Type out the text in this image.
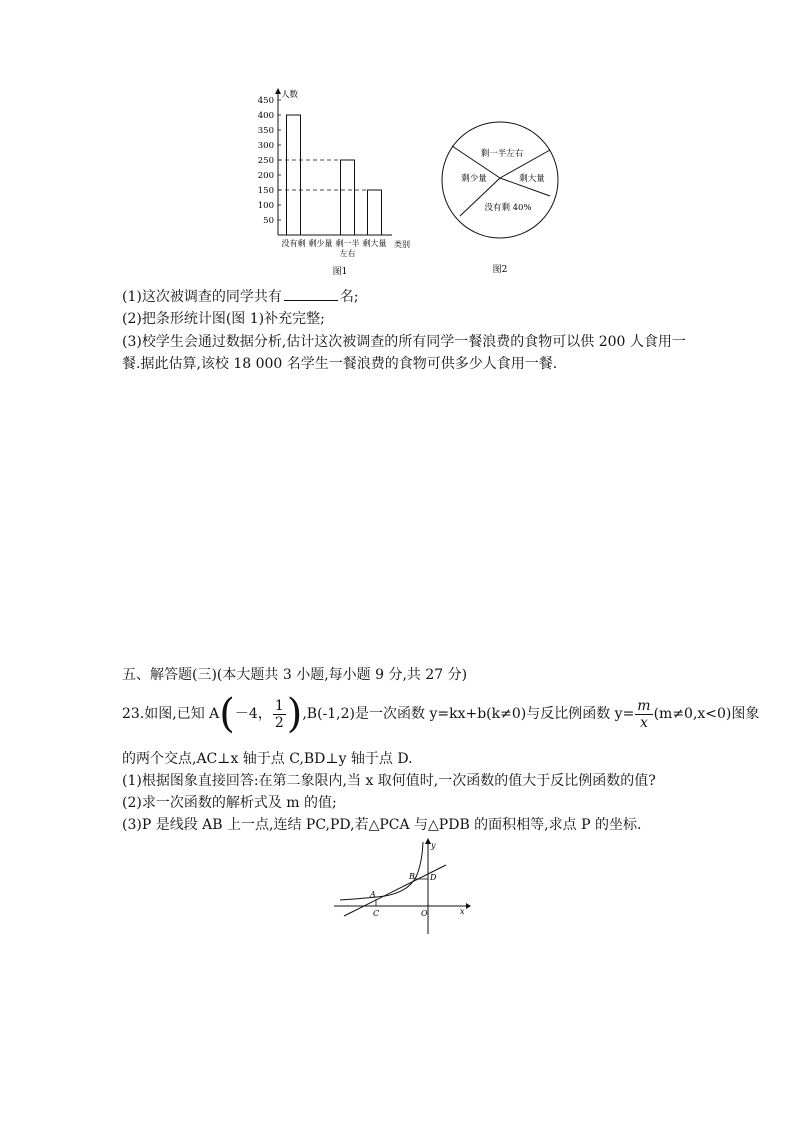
人数
类别
50
100
150
200
250
300
350
400
450
没有剩 剩少量 剩一半
左右
剩大量
图1
剩一半左右
剩少量	剩大量
没有剩 40%
图2
(1)这次被调查的同学共有	名;
(2)把条形统计图(图 1)补充完整;
(3)校学生会通过数据分析,估计这次被调查的所有同学一餐浪费的食物可以供 200 人食用一
餐.据此估算,该校 18 000 名学生一餐浪费的食物可供多少人食用一餐.
五、解答题(三)(本大题共 3 小题,每小题 9 分,共 27 分)
23.如图,已知 A ( －4， $\frac{1}{2}$ ) ,B(-1,2)是一次函数 y=kx+b(k≠0)与反比例函数 $y= \frac{m}{x} (m\ne 0,x<0)$图象
的两个交点,AC⊥x 轴于点 C,BD⊥y 轴于点 D.
(1)根据图象直接回答:在第二象限内,当 x 取何值时,一次函数的值大于反比例函数的值?
(2)求一次函数的解析式及 m 的值;
(3)P 是线段 AB 上一点,连结 PC,PD,若△PCA 与△PDB 的面积相等,求点 P 的坐标.
y
x
A
B
C
D
O
